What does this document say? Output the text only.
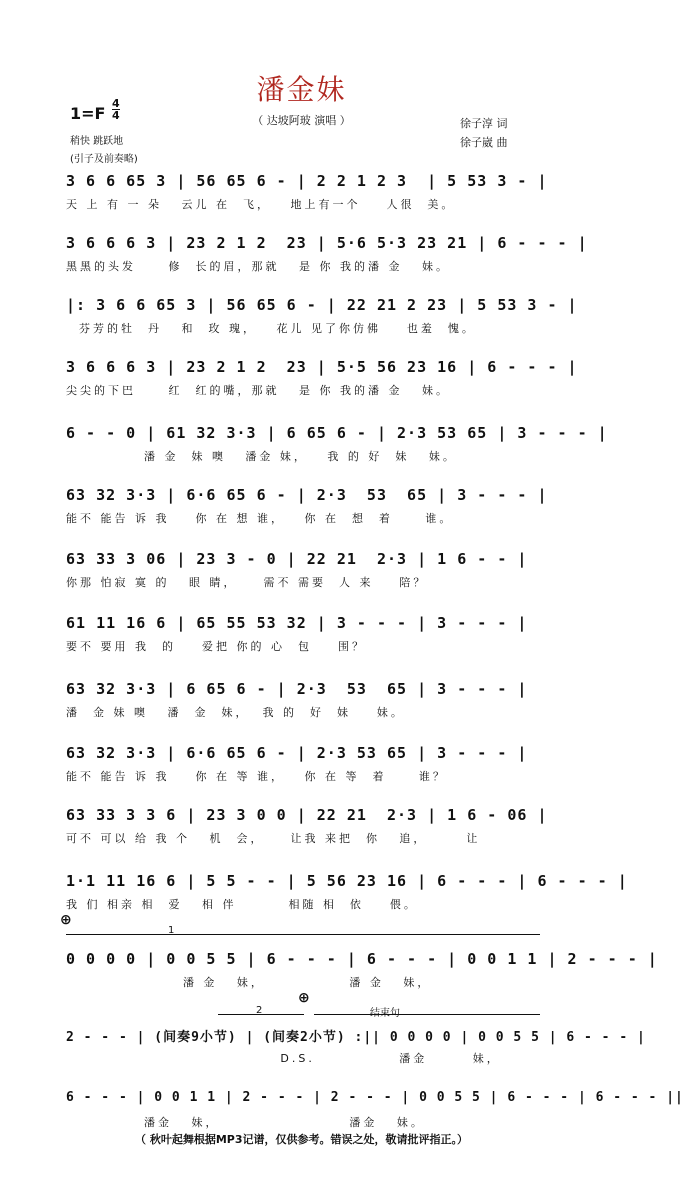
潘金妹
（ 达坡阿玻 演唱 ）
1=F
4
4
稍快 跳跃地
(引子及前奏略)
徐子淳 词
徐子崴 曲
3 6 6 65 3 | 56 65 6 - | 2 2 1 2 3  | 5 53 3 - |
天 上 有 一 朵   云儿 在  飞，   地上有一个    人很  美。
3 6 6 6 3 | 23 2 1 2  23 | 5·6 5·3 23 21 | 6 - - - |
黑黑的头发     修  长的眉，那就   是 你 我的潘 金   妹。
|: 3 6 6 65 3 | 56 65 6 - | 22 21 2 23 | 5 53 3 - |
芬芳的牡  丹   和  玫 瑰，   花儿 见了你仿佛    也羞  愧。
3 6 6 6 3 | 23 2 1 2  23 | 5·5 56 23 16 | 6 - - - |
尖尖的下巴     红  红的嘴，那就   是 你 我的潘 金   妹。
6 - - 0 | 61 32 3·3 | 6 65 6 - | 2·3 53 65 | 3 - - - |
潘 金  妹 噢   潘金 妹，   我 的 好  妹   妹。
63 32 3·3 | 6·6 65 6 - | 2·3  53  65 | 3 - - - |
能不 能告 诉 我    你 在 想 谁，   你 在  想  着     谁。
63 33 3 06 | 23 3 - 0 | 22 21  2·3 | 1 6 - - |
你那 怕寂 寞 的   眼 睛，    需不 需要  人 来    陪？
61 11 16 6 | 65 55 53 32 | 3 - - - | 3 - - - |
要不 要用 我  的    爱把 你的 心  包    围？
63 32 3·3 | 6 65 6 - | 2·3  53  65 | 3 - - - |
潘  金 妹 噢   潘  金  妹，  我 的  好  妹    妹。
63 32 3·3 | 6·6 65 6 - | 2·3 53 65 | 3 - - - |
能不 能告 诉 我    你 在 等 谁，   你 在 等  着     谁？
63 33 3 3 6 | 23 3 0 0 | 22 21  2·3 | 1 6 - 06 |
可不 可以 给 我 个   机  会，    让我 来把  你   追，      让
1·1 11 16 6 | 5 5 - - | 5 56 23 16 | 6 - - - | 6 - - - |
我 们 相亲 相  爱   相 伴        相随 相  依    偎。
⊕
1
0 0 0 0 | 0 0 5 5 | 6 - - - | 6 - - - | 0 0 1 1 | 2 - - - |
潘 金   妹，             潘 金   妹，
2
⊕
结束句
2 - - - | (间奏9小节) | (间奏2小节) :|| 0 0 0 0 | 0 0 5 5 | 6 - - - |
D.S.             潘金       妹，
6 - - - | 0 0 1 1 | 2 - - - | 2 - - - | 0 0 5 5 | 6 - - - | 6 - - - ||
潘金   妹，                    潘金   妹。
（ 秋叶起舞根据MP3记谱，仅供参考。错误之处，敬请批评指正。）
